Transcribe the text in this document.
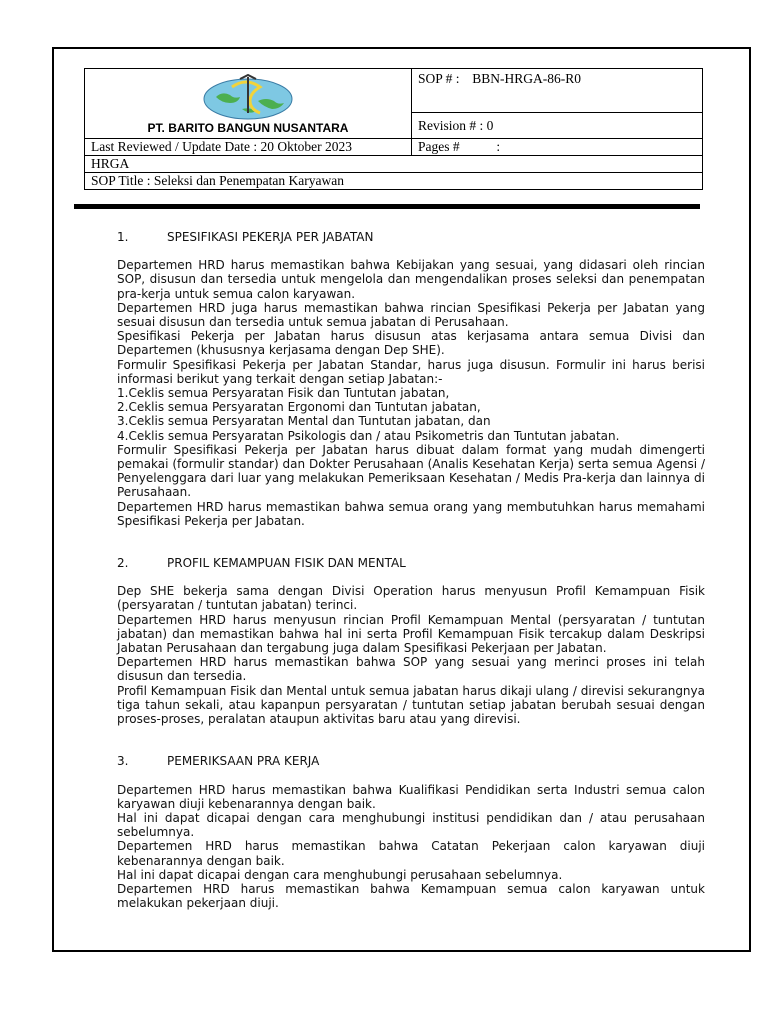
PT. BARITO BANGUN NUSANTARA	SOP # : BBN-HRGA-86-R0
	Revision # : 0
Last Reviewed / Update Date : 20 Oktober 2023	Pages # :
HRGA	
SOP Title : Seleksi dan Penempatan Karyawan	
1.	SPESIFIKASI PEKERJA PER JABATAN

Departemen HRD harus memastikan bahwa Kebijakan yang sesuai, yang didasari oleh rincian SOP, disusun dan tersedia untuk mengelola dan mengendalikan proses seleksi dan penempatan pra-kerja untuk semua calon karyawan.

Departemen HRD juga harus memastikan bahwa rincian Spesifikasi Pekerja per Jabatan yang sesuai disusun dan tersedia untuk semua jabatan di Perusahaan.

Spesifikasi Pekerja per Jabatan harus disusun atas kerjasama antara semua Divisi dan Departemen (khususnya kerjasama dengan Dep SHE).

Formulir Spesifikasi Pekerja per Jabatan Standar, harus juga disusun. Formulir ini harus berisi informasi berikut yang terkait dengan setiap Jabatan:-

1.Ceklis semua Persyaratan Fisik dan Tuntutan jabatan,

2.Ceklis semua Persyaratan Ergonomi dan Tuntutan jabatan,

3.Ceklis semua Persyaratan Mental dan Tuntutan jabatan, dan

4.Ceklis semua Persyaratan Psikologis dan / atau Psikometris dan Tuntutan jabatan.

Formulir Spesifikasi Pekerja per Jabatan harus dibuat dalam format yang mudah dimengerti pemakai (formulir standar) dan Dokter Perusahaan (Analis Kesehatan Kerja) serta semua Agensi / Penyelenggara dari luar yang melakukan Pemeriksaan Kesehatan / Medis Pra-kerja dan lainnya di Perusahaan.

Departemen HRD harus memastikan bahwa semua orang yang membutuhkan harus memahami Spesifikasi Pekerja per Jabatan.

2.	PROFIL KEMAMPUAN FISIK DAN MENTAL

Dep SHE bekerja sama dengan Divisi Operation harus menyusun Profil Kemampuan Fisik (persyaratan / tuntutan jabatan) terinci.

Departemen HRD harus menyusun rincian Profil Kemampuan Mental (persyaratan / tuntutan jabatan) dan memastikan bahwa hal ini serta Profil Kemampuan Fisik tercakup dalam Deskripsi Jabatan Perusahaan dan tergabung juga dalam Spesifikasi Pekerjaan per Jabatan.

Departemen HRD harus memastikan bahwa SOP yang sesuai yang merinci proses ini telah disusun dan tersedia.

Profil Kemampuan Fisik dan Mental untuk semua jabatan harus dikaji ulang / direvisi sekurangnya tiga tahun sekali, atau kapanpun persyaratan / tuntutan setiap jabatan berubah sesuai dengan proses-proses, peralatan ataupun aktivitas baru atau yang direvisi.

3.	PEMERIKSAAN PRA KERJA

Departemen HRD harus memastikan bahwa Kualifikasi Pendidikan serta Industri semua calon karyawan diuji kebenarannya dengan baik.

Hal ini dapat dicapai dengan cara menghubungi institusi pendidikan dan / atau perusahaan sebelumnya.

Departemen HRD harus memastikan bahwa Catatan Pekerjaan calon karyawan diuji kebenarannya dengan baik.

Hal ini dapat dicapai dengan cara menghubungi perusahaan sebelumnya.

Departemen HRD harus memastikan bahwa Kemampuan semua calon karyawan untuk melakukan pekerjaan diuji.
